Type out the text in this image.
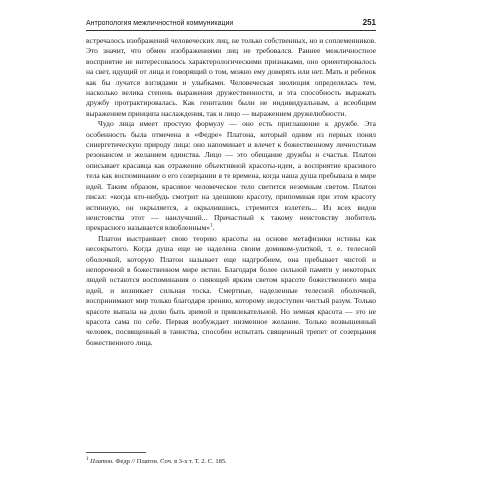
Антропология межличностной коммуникации	251

встречалось изображений человеческих лиц, не только собственных, но и соплеменников. Это значит, что обмен изображениями лиц не требовался. Раннее межличностное восприятие не интересовалось характерологическими признаками, оно ориентировалось на свет, идущий от лица и говорящий о том, можно ему доверять или нет. Мать и ребенок как бы лучатся взглядами и улыбками. Человеческая эволюция определялась тем, насколько велика степень выражения дружественности, и эта способность выражать дружбу протрактировалась. Как гениталии были не индивидуальным, а всеобщим выражением принципа наслаждения, так и лицо — выражением дружелюбности.

Чудо лица имеет простую формулу — оно есть приглашение к дружбе. Эта особенность была отмечена в «Федре» Платона, который одним из первых понял синергетическую природу лица: оно напоминает и влечет к божественному личностным резонансом и желанием единства. Лицо — это обещание дружбы и счастья. Платон описывает красавца как отражение объективной красоты-идеи, а восприятие красивого тела как воспоминание о его созерцании в те времена, когда наша душа пребывала в мире идей. Таким образом, красивое человеческое тело светится неземным светом. Платон писал: «когда кто-нибудь смотрит на здешнюю красоту, припоминая при этом красоту истинную, он окрыляется, а окрылившись, стремится взлететь... Из всех видов неистовства этот — наилучший... Причастный к такому неистовству любитель прекрасного называется влюбленным»$^1$.

Платон выстраивает свою теорию красоты на основе метафизики истины как несокрытого. Когда душа еще не наделена своим домиком-улиткой, т. е. телесной оболочкой, которую Платон называет еще надгробием, она пребывает чистой и непорочной в божественном мире истин. Благодаря более сильной памяти у некоторых людей остаются воспоминания о сияющей ярким светом красоте божественного мира идей, и возникает сильная тоска. Смертные, наделенные телесной оболочкой, воспринимают мир только благодаря зрению, которому недоступен чистый разум. Только красоте выпала на долю быть зримой и привлекательной. Но земная красота — это не красота сама по себе. Первая возбуждает низменное желание. Только возвышенный человек, посвященный в таинства, способен испытать священный трепет от созерцания божественного лица.

$^1$ Платон. Федр // Платон. Соч. в 3-х т. Т. 2. С. 185.
